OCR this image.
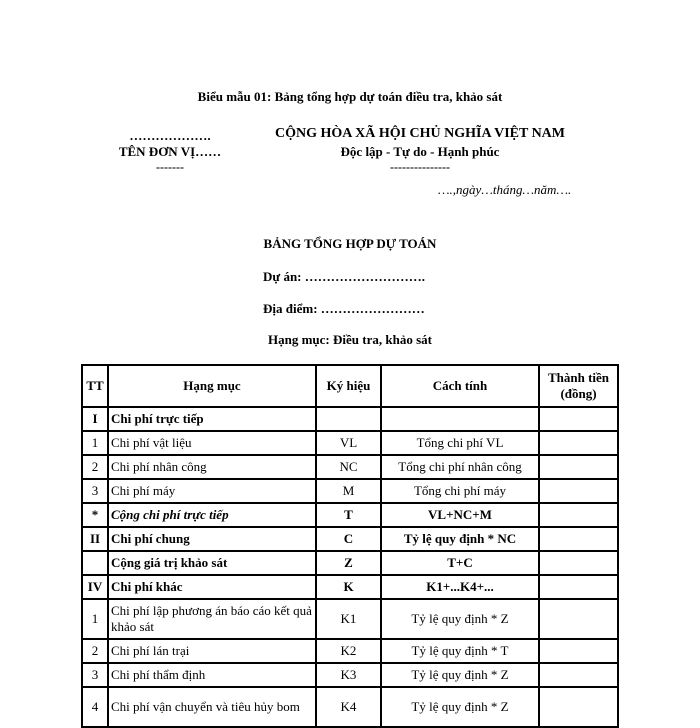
Biểu mẫu 01: Bảng tổng hợp dự toán điều tra, khảo sát
……………….
TÊN ĐƠN VỊ……
-------
CỘNG HÒA XÃ HỘI CHỦ NGHĨA VIỆT NAM
Độc lập - Tự do - Hạnh phúc
---------------
….,ngày…tháng…năm….
BẢNG TỔNG HỢP DỰ TOÁN
Dự án: ……………………….
Địa điểm: ……………………
Hạng mục: Điều tra, khảo sát
TT	Hạng mục	Ký hiệu	Cách tính	Thành tiền (đồng)
I	Chi phí trực tiếp			
1	Chi phí vật liệu	VL	Tổng chi phí VL	
2	Chi phí nhân công	NC	Tổng chi phí nhân công	
3	Chi phí máy	M	Tổng chi phí máy	
*	Cộng chi phí trực tiếp	T	VL+NC+M	
II	Chi phí chung	C	Tỷ lệ quy định * NC	
	Cộng giá trị khảo sát	Z	T+C	
IV	Chi phí khác	K	K1+...K4+...	
1	Chi phí lập phương án báo cáo kết quả khảo sát	K1	Tỷ lệ quy định * Z	
2	Chi phí lán trại	K2	Tỷ lệ quy định * T	
3	Chi phí thẩm định	K3	Tỷ lệ quy định * Z	
4	Chi phí vận chuyển và tiêu hủy bom	K4	Tỷ lệ quy định * Z	
